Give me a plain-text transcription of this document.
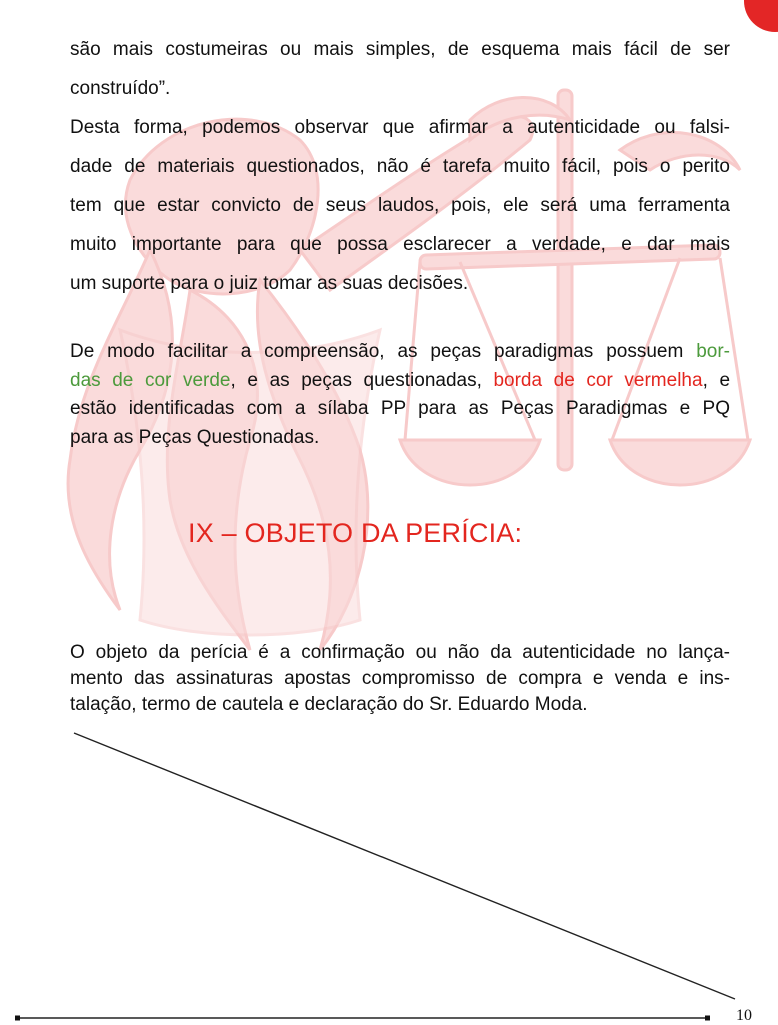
são mais costumeiras ou mais simples, de esquema mais fácil de ser
construído”.
Desta forma, podemos observar que afirmar a autenticidade ou falsi-
dade de materiais questionados, não é tarefa muito fácil, pois o perito
tem que estar convicto de seus laudos, pois, ele será uma ferramenta
muito importante para que possa esclarecer a verdade, e dar mais
um suporte para o juiz tomar as suas decisões.
De modo facilitar a compreensão, as peças paradigmas possuem bor-
das de cor verde, e as peças questionadas, borda de cor vermelha, e
estão identificadas com a sílaba PP para as Peças Paradigmas e PQ
para as Peças Questionadas.
IX – OBJETO DA PERÍCIA:
O objeto da perícia é a confirmação ou não da autenticidade no lança-
mento das assinaturas apostas compromisso de compra e venda e ins-
talação, termo de cautela e declaração do Sr. Eduardo Moda.
10
